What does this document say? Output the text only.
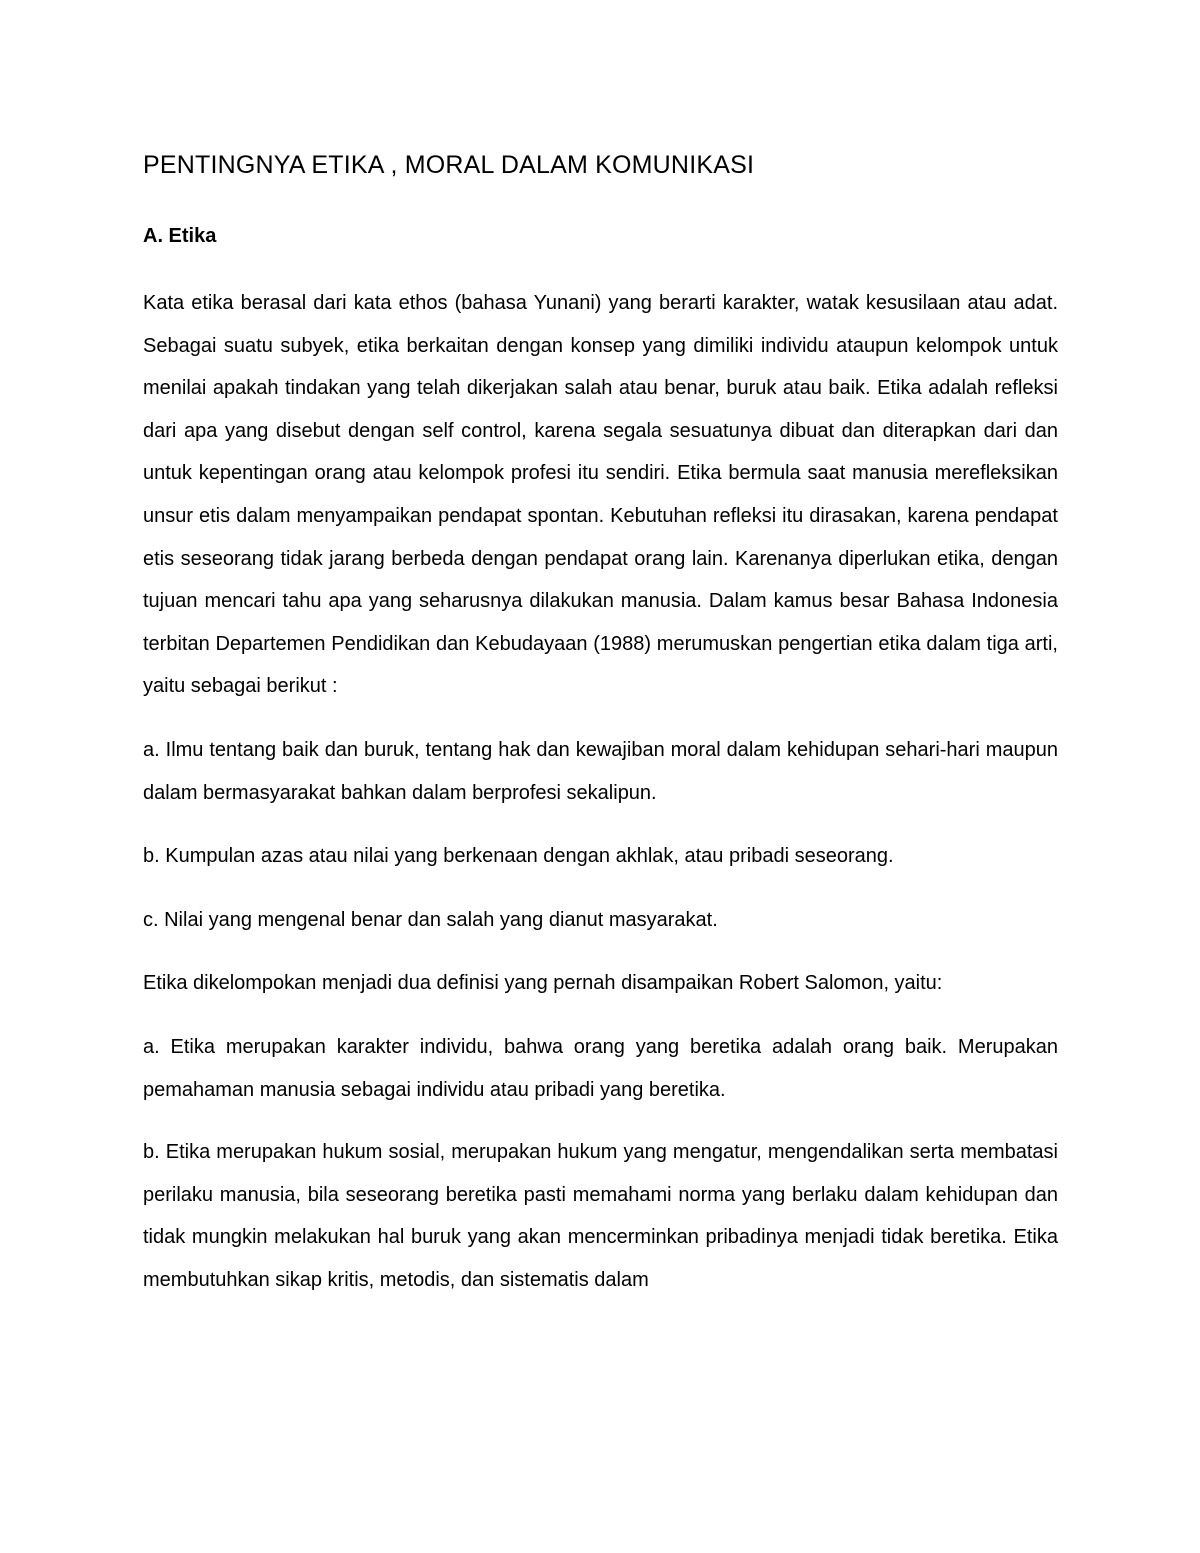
PENTINGNYA ETIKA , MORAL DALAM KOMUNIKASI
A. Etika

Kata etika berasal dari kata ethos (bahasa Yunani) yang berarti karakter, watak kesusilaan atau adat. Sebagai suatu subyek, etika berkaitan dengan konsep yang dimiliki individu ataupun kelompok untuk menilai apakah tindakan yang telah dikerjakan salah atau benar, buruk atau baik. Etika adalah refleksi dari apa yang disebut dengan self control, karena segala sesuatunya dibuat dan diterapkan dari dan untuk kepentingan orang atau kelompok profesi itu sendiri. Etika bermula saat manusia merefleksikan unsur etis dalam menyampaikan pendapat spontan. Kebutuhan refleksi itu dirasakan, karena pendapat etis seseorang tidak jarang berbeda dengan pendapat orang lain. Karenanya diperlukan etika, dengan tujuan mencari tahu apa yang seharusnya dilakukan manusia. Dalam kamus besar Bahasa Indonesia terbitan Departemen Pendidikan dan Kebudayaan (1988) merumuskan pengertian etika dalam tiga arti, yaitu sebagai berikut :

a. Ilmu tentang baik dan buruk, tentang hak dan kewajiban moral dalam kehidupan sehari-hari maupun dalam bermasyarakat bahkan dalam berprofesi sekalipun.

b. Kumpulan azas atau nilai yang berkenaan dengan akhlak, atau pribadi seseorang.

c. Nilai yang mengenal benar dan salah yang dianut masyarakat.

Etika dikelompokan menjadi dua definisi yang pernah disampaikan Robert Salomon, yaitu:

a. Etika merupakan karakter individu, bahwa orang yang beretika adalah orang baik. Merupakan pemahaman manusia sebagai individu atau pribadi yang beretika.

b. Etika merupakan hukum sosial, merupakan hukum yang mengatur, mengendalikan serta membatasi perilaku manusia, bila seseorang beretika pasti memahami norma yang berlaku dalam kehidupan dan tidak mungkin melakukan hal buruk yang akan mencerminkan pribadinya menjadi tidak beretika. Etika membutuhkan sikap kritis, metodis, dan sistematis dalam
